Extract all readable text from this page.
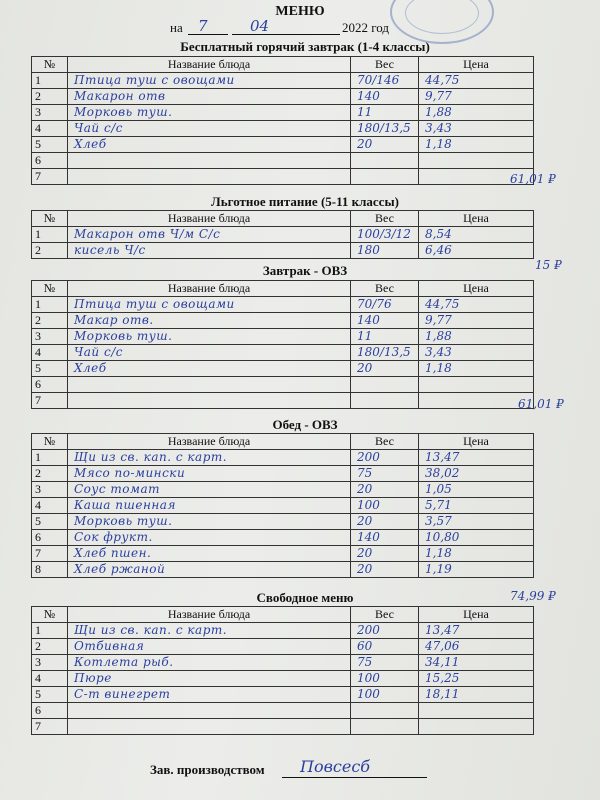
МЕНЮ
на 7	04	2022 год
Бесплатный горячий завтрак (1-4 классы)
№	Название блюда	Вес	Цена
1	Птица туш с овощами	70/146	44,75

2	Макарон отв	140	9,77

3	Морковь туш.	11	1,88

4	Чай с/с	180/13,5	3,43

5	Хлеб	20	1,18

6	

7	

		61,01 ₽
Льготное питание (5-11 классы)
№	Название блюда	Вес	Цена
1	Макарон отв Ч/м С/с	100/3/12	8,54

2	кисель Ч/с	180	6,46
15 ₽
Завтрак - ОВЗ
№	Название блюда	Вес	Цена
1	Птица туш с овощами	70/76	44,75

2	Макар отв.	140	9,77

3	Морковь туш.	11	1,88

4	Чай с/с	180/13,5	3,43

5	Хлеб	20	1,18

6	

7	

		61,01 ₽
Обед - ОВЗ
№	Название блюда	Вес	Цена
1	Щи из св. кап. с карт.	200	13,47

2	Мясо по-мински	75	38,02

3	Соус томат	20	1,05

4	Каша пшенная	100	5,71

5	Морковь туш.	20	3,57

6	Сок фрукт.	140	10,80

7	Хлеб пшен.	20	1,18

8	Хлеб ржаной	20	1,19
74,99 ₽
Свободное меню
№	Название блюда	Вес	Цена
1	Щи из св. кап. с карт.	200	13,47

2	Отбивная	60	47,06

3	Котлета рыб.	75	34,11

4	Пюре	100	15,25

5	С-т винегрет	100	18,11

6	

7	

Зав. производством Повсесб
